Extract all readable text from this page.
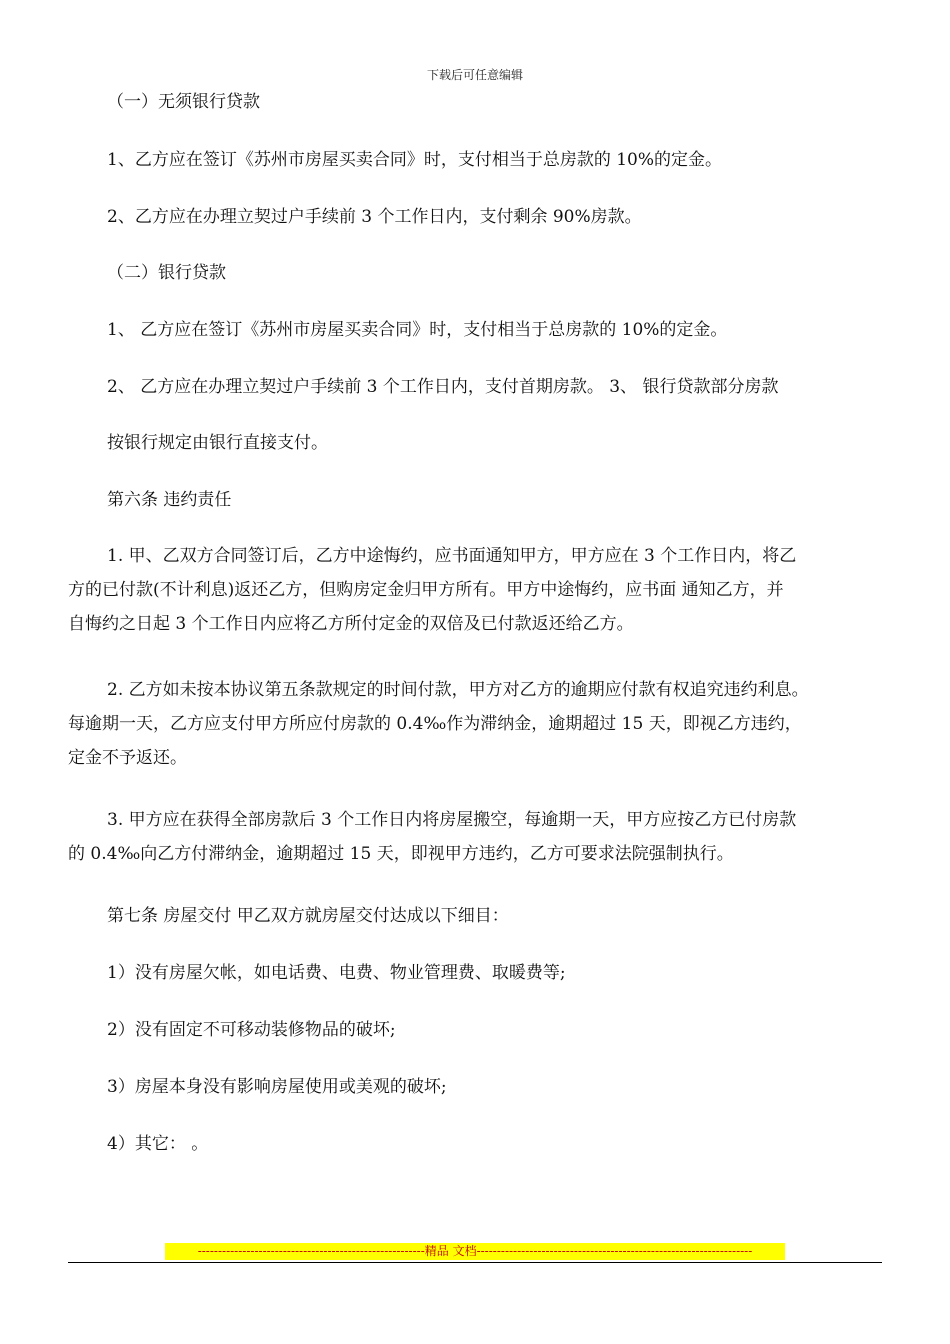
下载后可任意编辑

（一）无须银行贷款

1、乙方应在签订《苏州市房屋买卖合同》时，支付相当于总房款的 10%的定金。

2、乙方应在办理立契过户手续前 3 个工作日内，支付剩余 90%房款。

（二）银行贷款

1、 乙方应在签订《苏州市房屋买卖合同》时，支付相当于总房款的 10%的定金。

2、 乙方应在办理立契过户手续前 3 个工作日内，支付首期房款。 3、 银行贷款部分房款

按银行规定由银行直接支付。

第六条 违约责任

1. 甲、乙双方合同签订后，乙方中途悔约，应书面通知甲方，甲方应在 3 个工作日内，将乙
方的已付款(不计利息)返还乙方，但购房定金归甲方所有。甲方中途悔约，应书面 通知乙方，并
自悔约之日起 3 个工作日内应将乙方所付定金的双倍及已付款返还给乙方。
2. 乙方如未按本协议第五条款规定的时间付款，甲方对乙方的逾期应付款有权追究违约利息。
每逾期一天，乙方应支付甲方所应付房款的 0.4‰作为滞纳金，逾期超过 15 天，即视乙方违约，
定金不予返还。
3. 甲方应在获得全部房款后 3 个工作日内将房屋搬空，每逾期一天，甲方应按乙方已付房款
的 0.4‰向乙方付滞纳金，逾期超过 15 天，即视甲方违约，乙方可要求法院强制执行。

第七条 房屋交付 甲乙双方就房屋交付达成以下细目：

1）没有房屋欠帐，如电话费、电费、物业管理费、取暖费等;

2）没有固定不可移动装修物品的破坏;

3）房屋本身没有影响房屋使用或美观的破坏;

4）其它： 。

--------------------------------------------------------精品 文档--------------------------------------------------------------------
